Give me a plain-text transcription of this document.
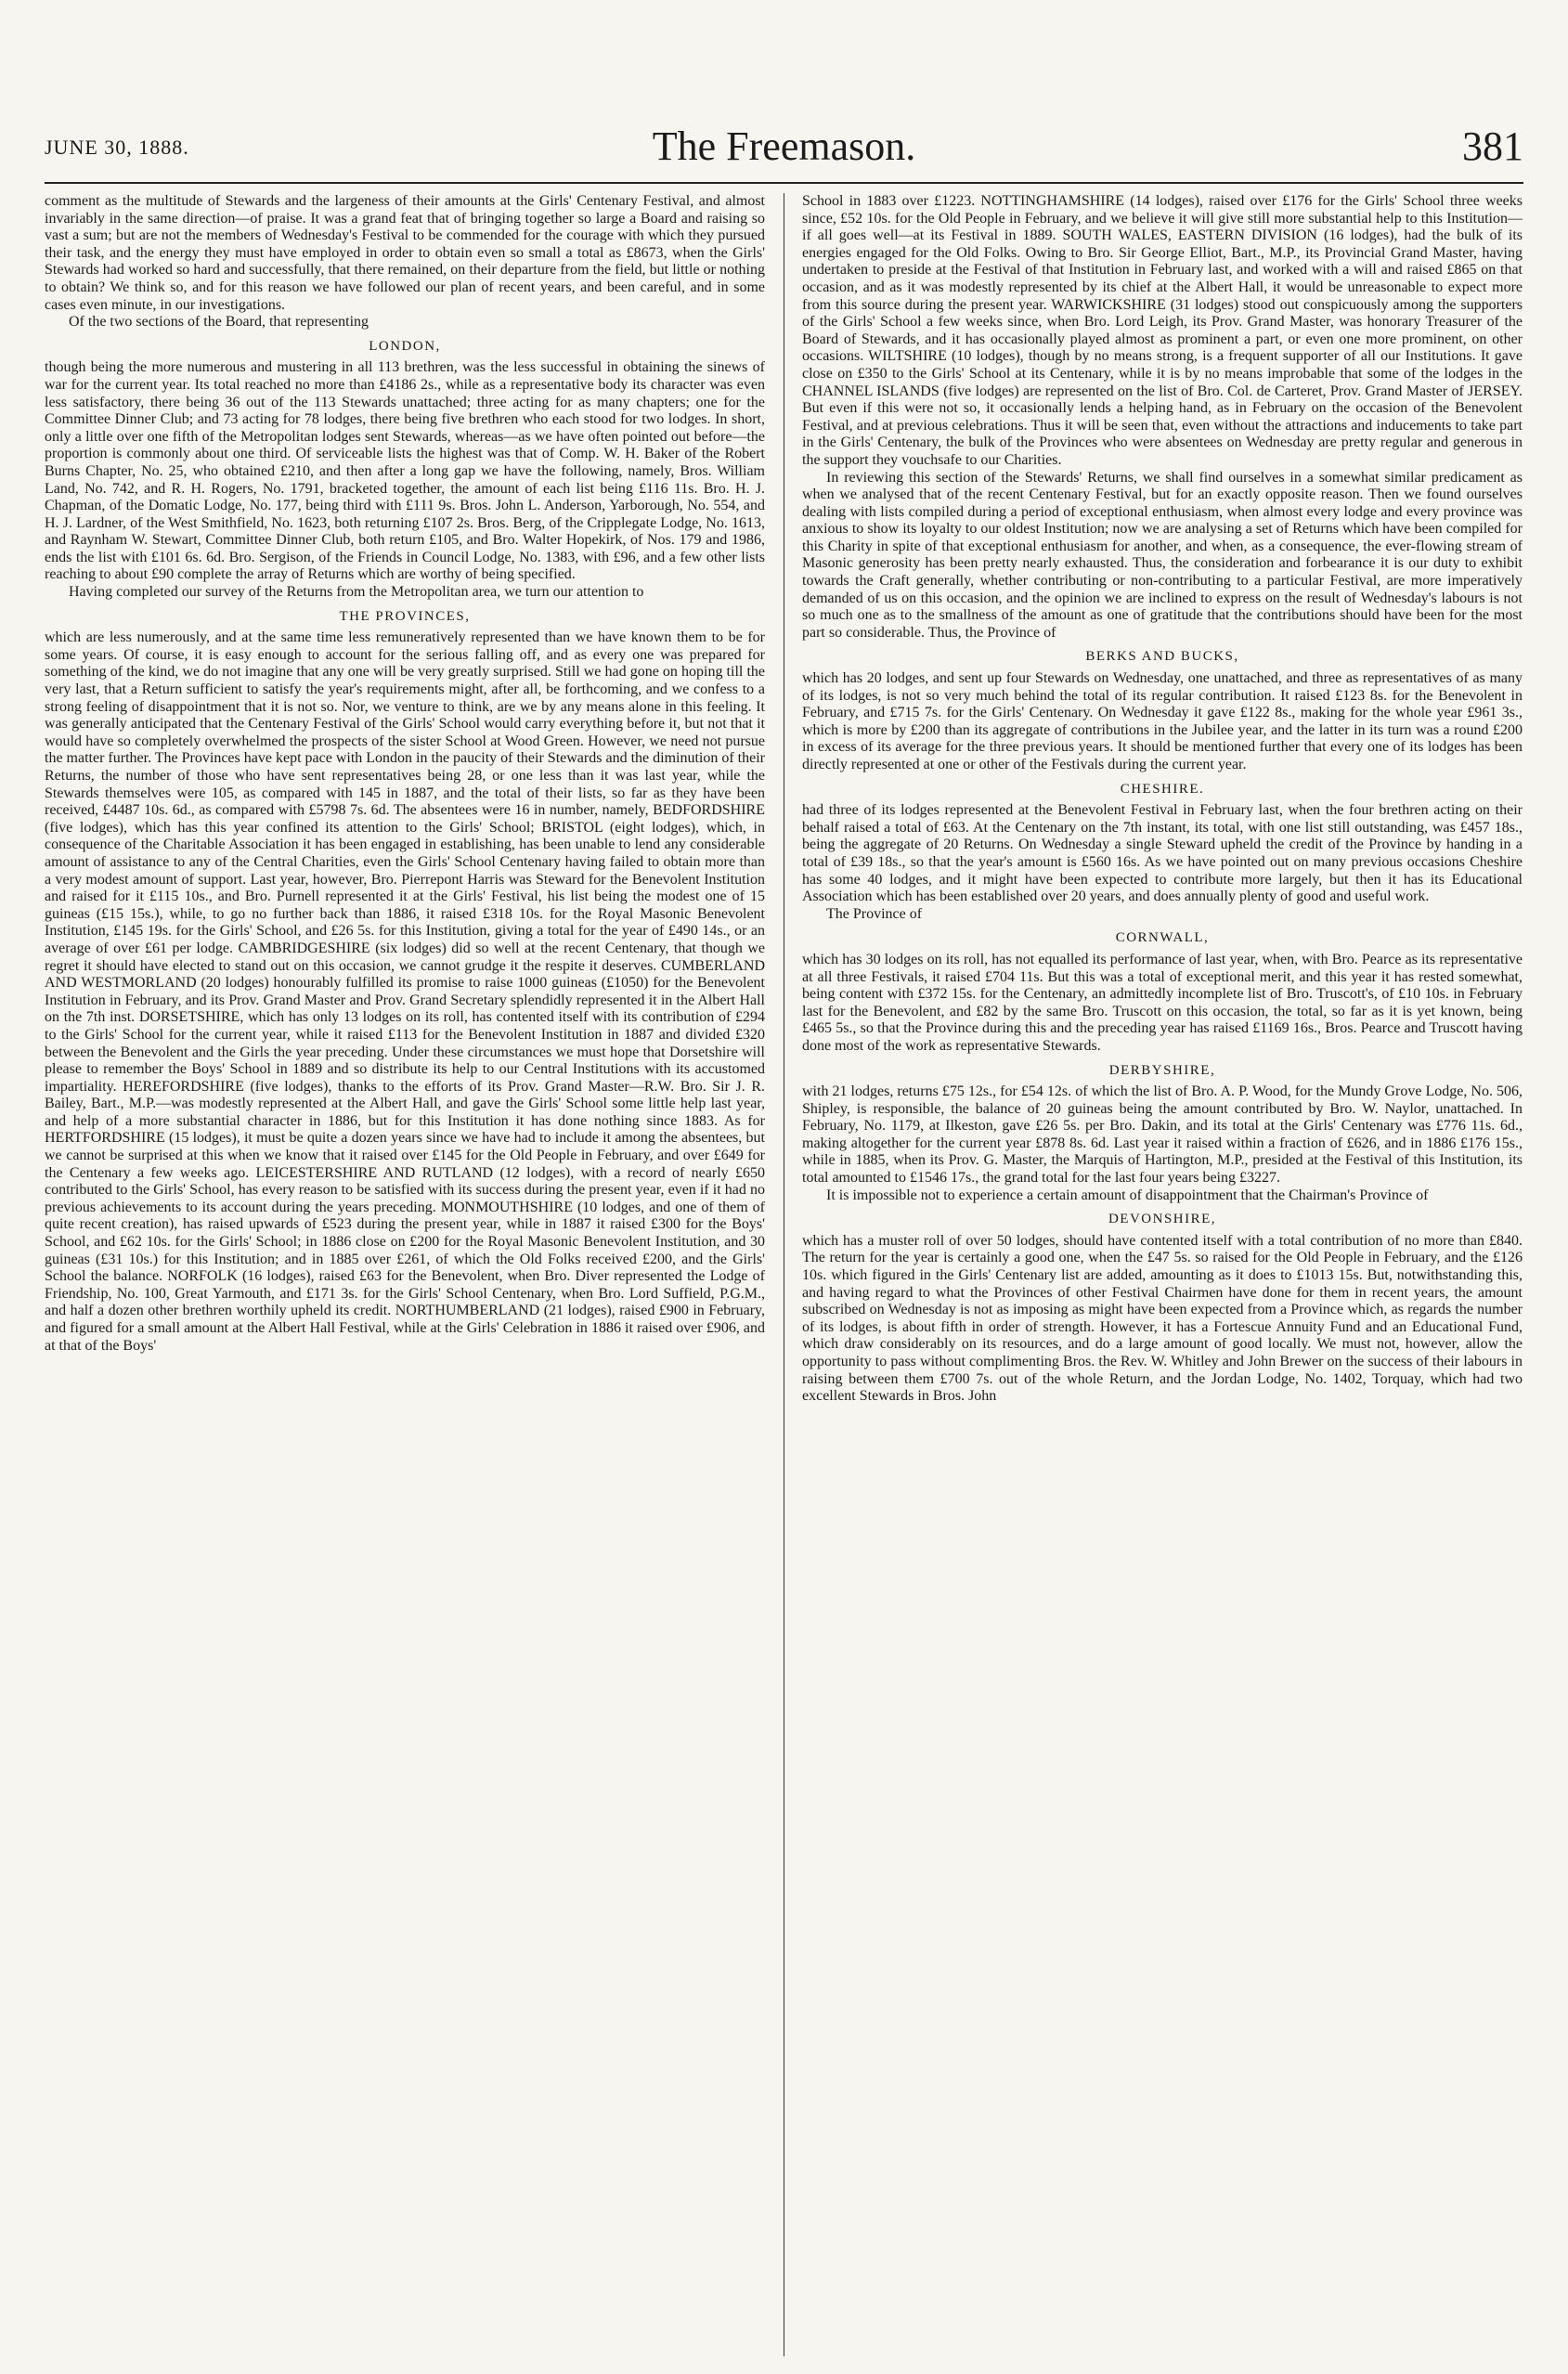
JUNE 30, 1888.	The Freemason.	381

comment as the multitude of Stewards and the largeness of their amounts at the Girls' Centenary Festival, and almost invariably in the same direction—of praise. It was a grand feat that of bringing together so large a Board and raising so vast a sum; but are not the members of Wednesday's Festival to be commended for the courage with which they pursued their task, and the energy they must have employed in order to obtain even so small a total as £8673, when the Girls' Stewards had worked so hard and successfully, that there remained, on their departure from the field, but little or nothing to obtain? We think so, and for this reason we have followed our plan of recent years, and been careful, and in some cases even minute, in our investigations.

Of the two sections of the Board, that representing

LONDON,

though being the more numerous and mustering in all 113 brethren, was the less successful in obtaining the sinews of war for the current year. Its total reached no more than £4186 2s., while as a representative body its character was even less satisfactory, there being 36 out of the 113 Stewards unattached; three acting for as many chapters; one for the Committee Dinner Club; and 73 acting for 78 lodges, there being five brethren who each stood for two lodges. In short, only a little over one fifth of the Metropolitan lodges sent Stewards, whereas—as we have often pointed out before—the proportion is commonly about one third. Of serviceable lists the highest was that of Comp. W. H. Baker of the Robert Burns Chapter, No. 25, who obtained £210, and then after a long gap we have the following, namely, Bros. William Land, No. 742, and R. H. Rogers, No. 1791, bracketed together, the amount of each list being £116 11s. Bro. H. J. Chapman, of the Domatic Lodge, No. 177, being third with £111 9s. Bros. John L. Anderson, Yarborough, No. 554, and H. J. Lardner, of the West Smithfield, No. 1623, both returning £107 2s. Bros. Berg, of the Cripplegate Lodge, No. 1613, and Raynham W. Stewart, Committee Dinner Club, both return £105, and Bro. Walter Hopekirk, of Nos. 179 and 1986, ends the list with £101 6s. 6d. Bro. Sergison, of the Friends in Council Lodge, No. 1383, with £96, and a few other lists reaching to about £90 complete the array of Returns which are worthy of being specified.

Having completed our survey of the Returns from the Metropolitan area, we turn our attention to

THE PROVINCES,

which are less numerously, and at the same time less remuneratively represented than we have known them to be for some years. Of course, it is easy enough to account for the serious falling off, and as every one was prepared for something of the kind, we do not imagine that any one will be very greatly surprised. Still we had gone on hoping till the very last, that a Return sufficient to satisfy the year's requirements might, after all, be forthcoming, and we confess to a strong feeling of disappointment that it is not so. Nor, we venture to think, are we by any means alone in this feeling. It was generally anticipated that the Centenary Festival of the Girls' School would carry everything before it, but not that it would have so completely overwhelmed the prospects of the sister School at Wood Green. However, we need not pursue the matter further. The Provinces have kept pace with London in the paucity of their Stewards and the diminution of their Returns, the number of those who have sent representatives being 28, or one less than it was last year, while the Stewards themselves were 105, as compared with 145 in 1887, and the total of their lists, so far as they have been received, £4487 10s. 6d., as compared with £5798 7s. 6d. The absentees were 16 in number, namely, BEDFORDSHIRE (five lodges), which has this year confined its attention to the Girls' School; BRISTOL (eight lodges), which, in consequence of the Charitable Association it has been engaged in establishing, has been unable to lend any considerable amount of assistance to any of the Central Charities, even the Girls' School Centenary having failed to obtain more than a very modest amount of support. Last year, however, Bro. Pierrepont Harris was Steward for the Benevolent Institution and raised for it £115 10s., and Bro. Purnell represented it at the Girls' Festival, his list being the modest one of 15 guineas (£15 15s.), while, to go no further back than 1886, it raised £318 10s. for the Royal Masonic Benevolent Institution, £145 19s. for the Girls' School, and £26 5s. for this Institution, giving a total for the year of £490 14s., or an average of over £61 per lodge. CAMBRIDGESHIRE (six lodges) did so well at the recent Centenary, that though we regret it should have elected to stand out on this occasion, we cannot grudge it the respite it deserves. CUMBERLAND AND WESTMORLAND (20 lodges) honourably fulfilled its promise to raise 1000 guineas (£1050) for the Benevolent Institution in February, and its Prov. Grand Master and Prov. Grand Secretary splendidly represented it in the Albert Hall on the 7th inst. DORSETSHIRE, which has only 13 lodges on its roll, has contented itself with its contribution of £294 to the Girls' School for the current year, while it raised £113 for the Benevolent Institution in 1887 and divided £320 between the Benevolent and the Girls the year preceding. Under these circumstances we must hope that Dorsetshire will please to remember the Boys' School in 1889 and so distribute its help to our Central Institutions with its accustomed impartiality. HEREFORDSHIRE (five lodges), thanks to the efforts of its Prov. Grand Master—R.W. Bro. Sir J. R. Bailey, Bart., M.P.—was modestly represented at the Albert Hall, and gave the Girls' School some little help last year, and help of a more substantial character in 1886, but for this Institution it has done nothing since 1883. As for HERTFORDSHIRE (15 lodges), it must be quite a dozen years since we have had to include it among the absentees, but we cannot be surprised at this when we know that it raised over £145 for the Old People in February, and over £649 for the Centenary a few weeks ago. LEICESTERSHIRE AND RUTLAND (12 lodges), with a record of nearly £650 contributed to the Girls' School, has every reason to be satisfied with its success during the present year, even if it had no previous achievements to its account during the years preceding. MONMOUTHSHIRE (10 lodges, and one of them of quite recent creation), has raised upwards of £523 during the present year, while in 1887 it raised £300 for the Boys' School, and £62 10s. for the Girls' School; in 1886 close on £200 for the Royal Masonic Benevolent Institution, and 30 guineas (£31 10s.) for this Institution; and in 1885 over £261, of which the Old Folks received £200, and the Girls' School the balance. NORFOLK (16 lodges), raised £63 for the Benevolent, when Bro. Diver represented the Lodge of Friendship, No. 100, Great Yarmouth, and £171 3s. for the Girls' School Centenary, when Bro. Lord Suffield, P.G.M., and half a dozen other brethren worthily upheld its credit. NORTHUMBERLAND (21 lodges), raised £900 in February, and figured for a small amount at the Albert Hall Festival, while at the Girls' Celebration in 1886 it raised over £906, and at that of the Boys'

School in 1883 over £1223. NOTTINGHAMSHIRE (14 lodges), raised over £176 for the Girls' School three weeks since, £52 10s. for the Old People in February, and we believe it will give still more substantial help to this Institution—if all goes well—at its Festival in 1889. SOUTH WALES, EASTERN DIVISION (16 lodges), had the bulk of its energies engaged for the Old Folks. Owing to Bro. Sir George Elliot, Bart., M.P., its Provincial Grand Master, having undertaken to preside at the Festival of that Institution in February last, and worked with a will and raised £865 on that occasion, and as it was modestly represented by its chief at the Albert Hall, it would be unreasonable to expect more from this source during the present year. WARWICKSHIRE (31 lodges) stood out conspicuously among the supporters of the Girls' School a few weeks since, when Bro. Lord Leigh, its Prov. Grand Master, was honorary Treasurer of the Board of Stewards, and it has occasionally played almost as prominent a part, or even one more prominent, on other occasions. WILTSHIRE (10 lodges), though by no means strong, is a frequent supporter of all our Institutions. It gave close on £350 to the Girls' School at its Centenary, while it is by no means improbable that some of the lodges in the CHANNEL ISLANDS (five lodges) are represented on the list of Bro. Col. de Carteret, Prov. Grand Master of JERSEY. But even if this were not so, it occasionally lends a helping hand, as in February on the occasion of the Benevolent Festival, and at previous celebrations. Thus it will be seen that, even without the attractions and inducements to take part in the Girls' Centenary, the bulk of the Provinces who were absentees on Wednesday are pretty regular and generous in the support they vouchsafe to our Charities.

In reviewing this section of the Stewards' Returns, we shall find ourselves in a somewhat similar predicament as when we analysed that of the recent Centenary Festival, but for an exactly opposite reason. Then we found ourselves dealing with lists compiled during a period of exceptional enthusiasm, when almost every lodge and every province was anxious to show its loyalty to our oldest Institution; now we are analysing a set of Returns which have been compiled for this Charity in spite of that exceptional enthusiasm for another, and when, as a consequence, the ever-flowing stream of Masonic generosity has been pretty nearly exhausted. Thus, the consideration and forbearance it is our duty to exhibit towards the Craft generally, whether contributing or non-contributing to a particular Festival, are more imperatively demanded of us on this occasion, and the opinion we are inclined to express on the result of Wednesday's labours is not so much one as to the smallness of the amount as one of gratitude that the contributions should have been for the most part so considerable. Thus, the Province of

BERKS AND BUCKS,

which has 20 lodges, and sent up four Stewards on Wednesday, one unattached, and three as representatives of as many of its lodges, is not so very much behind the total of its regular contribution. It raised £123 8s. for the Benevolent in February, and £715 7s. for the Girls' Centenary. On Wednesday it gave £122 8s., making for the whole year £961 3s., which is more by £200 than its aggregate of contributions in the Jubilee year, and the latter in its turn was a round £200 in excess of its average for the three previous years. It should be mentioned further that every one of its lodges has been directly represented at one or other of the Festivals during the current year.

CHESHIRE.

had three of its lodges represented at the Benevolent Festival in February last, when the four brethren acting on their behalf raised a total of £63. At the Centenary on the 7th instant, its total, with one list still outstanding, was £457 18s., being the aggregate of 20 Returns. On Wednesday a single Steward upheld the credit of the Province by handing in a total of £39 18s., so that the year's amount is £560 16s. As we have pointed out on many previous occasions Cheshire has some 40 lodges, and it might have been expected to contribute more largely, but then it has its Educational Association which has been established over 20 years, and does annually plenty of good and useful work.

The Province of

CORNWALL,

which has 30 lodges on its roll, has not equalled its performance of last year, when, with Bro. Pearce as its representative at all three Festivals, it raised £704 11s. But this was a total of exceptional merit, and this year it has rested somewhat, being content with £372 15s. for the Centenary, an admittedly incomplete list of Bro. Truscott's, of £10 10s. in February last for the Benevolent, and £82 by the same Bro. Truscott on this occasion, the total, so far as it is yet known, being £465 5s., so that the Province during this and the preceding year has raised £1169 16s., Bros. Pearce and Truscott having done most of the work as representative Stewards.

DERBYSHIRE,

with 21 lodges, returns £75 12s., for £54 12s. of which the list of Bro. A. P. Wood, for the Mundy Grove Lodge, No. 506, Shipley, is responsible, the balance of 20 guineas being the amount contributed by Bro. W. Naylor, unattached. In February, No. 1179, at Ilkeston, gave £26 5s. per Bro. Dakin, and its total at the Girls' Centenary was £776 11s. 6d., making altogether for the current year £878 8s. 6d. Last year it raised within a fraction of £626, and in 1886 £176 15s., while in 1885, when its Prov. G. Master, the Marquis of Hartington, M.P., presided at the Festival of this Institution, its total amounted to £1546 17s., the grand total for the last four years being £3227.

It is impossible not to experience a certain amount of disappointment that the Chairman's Province of

DEVONSHIRE,

which has a muster roll of over 50 lodges, should have contented itself with a total contribution of no more than £840. The return for the year is certainly a good one, when the £47 5s. so raised for the Old People in February, and the £126 10s. which figured in the Girls' Centenary list are added, amounting as it does to £1013 15s. But, notwithstanding this, and having regard to what the Provinces of other Festival Chairmen have done for them in recent years, the amount subscribed on Wednesday is not as imposing as might have been expected from a Province which, as regards the number of its lodges, is about fifth in order of strength. However, it has a Fortescue Annuity Fund and an Educational Fund, which draw considerably on its resources, and do a large amount of good locally. We must not, however, allow the opportunity to pass without complimenting Bros. the Rev. W. Whitley and John Brewer on the success of their labours in raising between them £700 7s. out of the whole Return, and the Jordan Lodge, No. 1402, Torquay, which had two excellent Stewards in Bros. John
